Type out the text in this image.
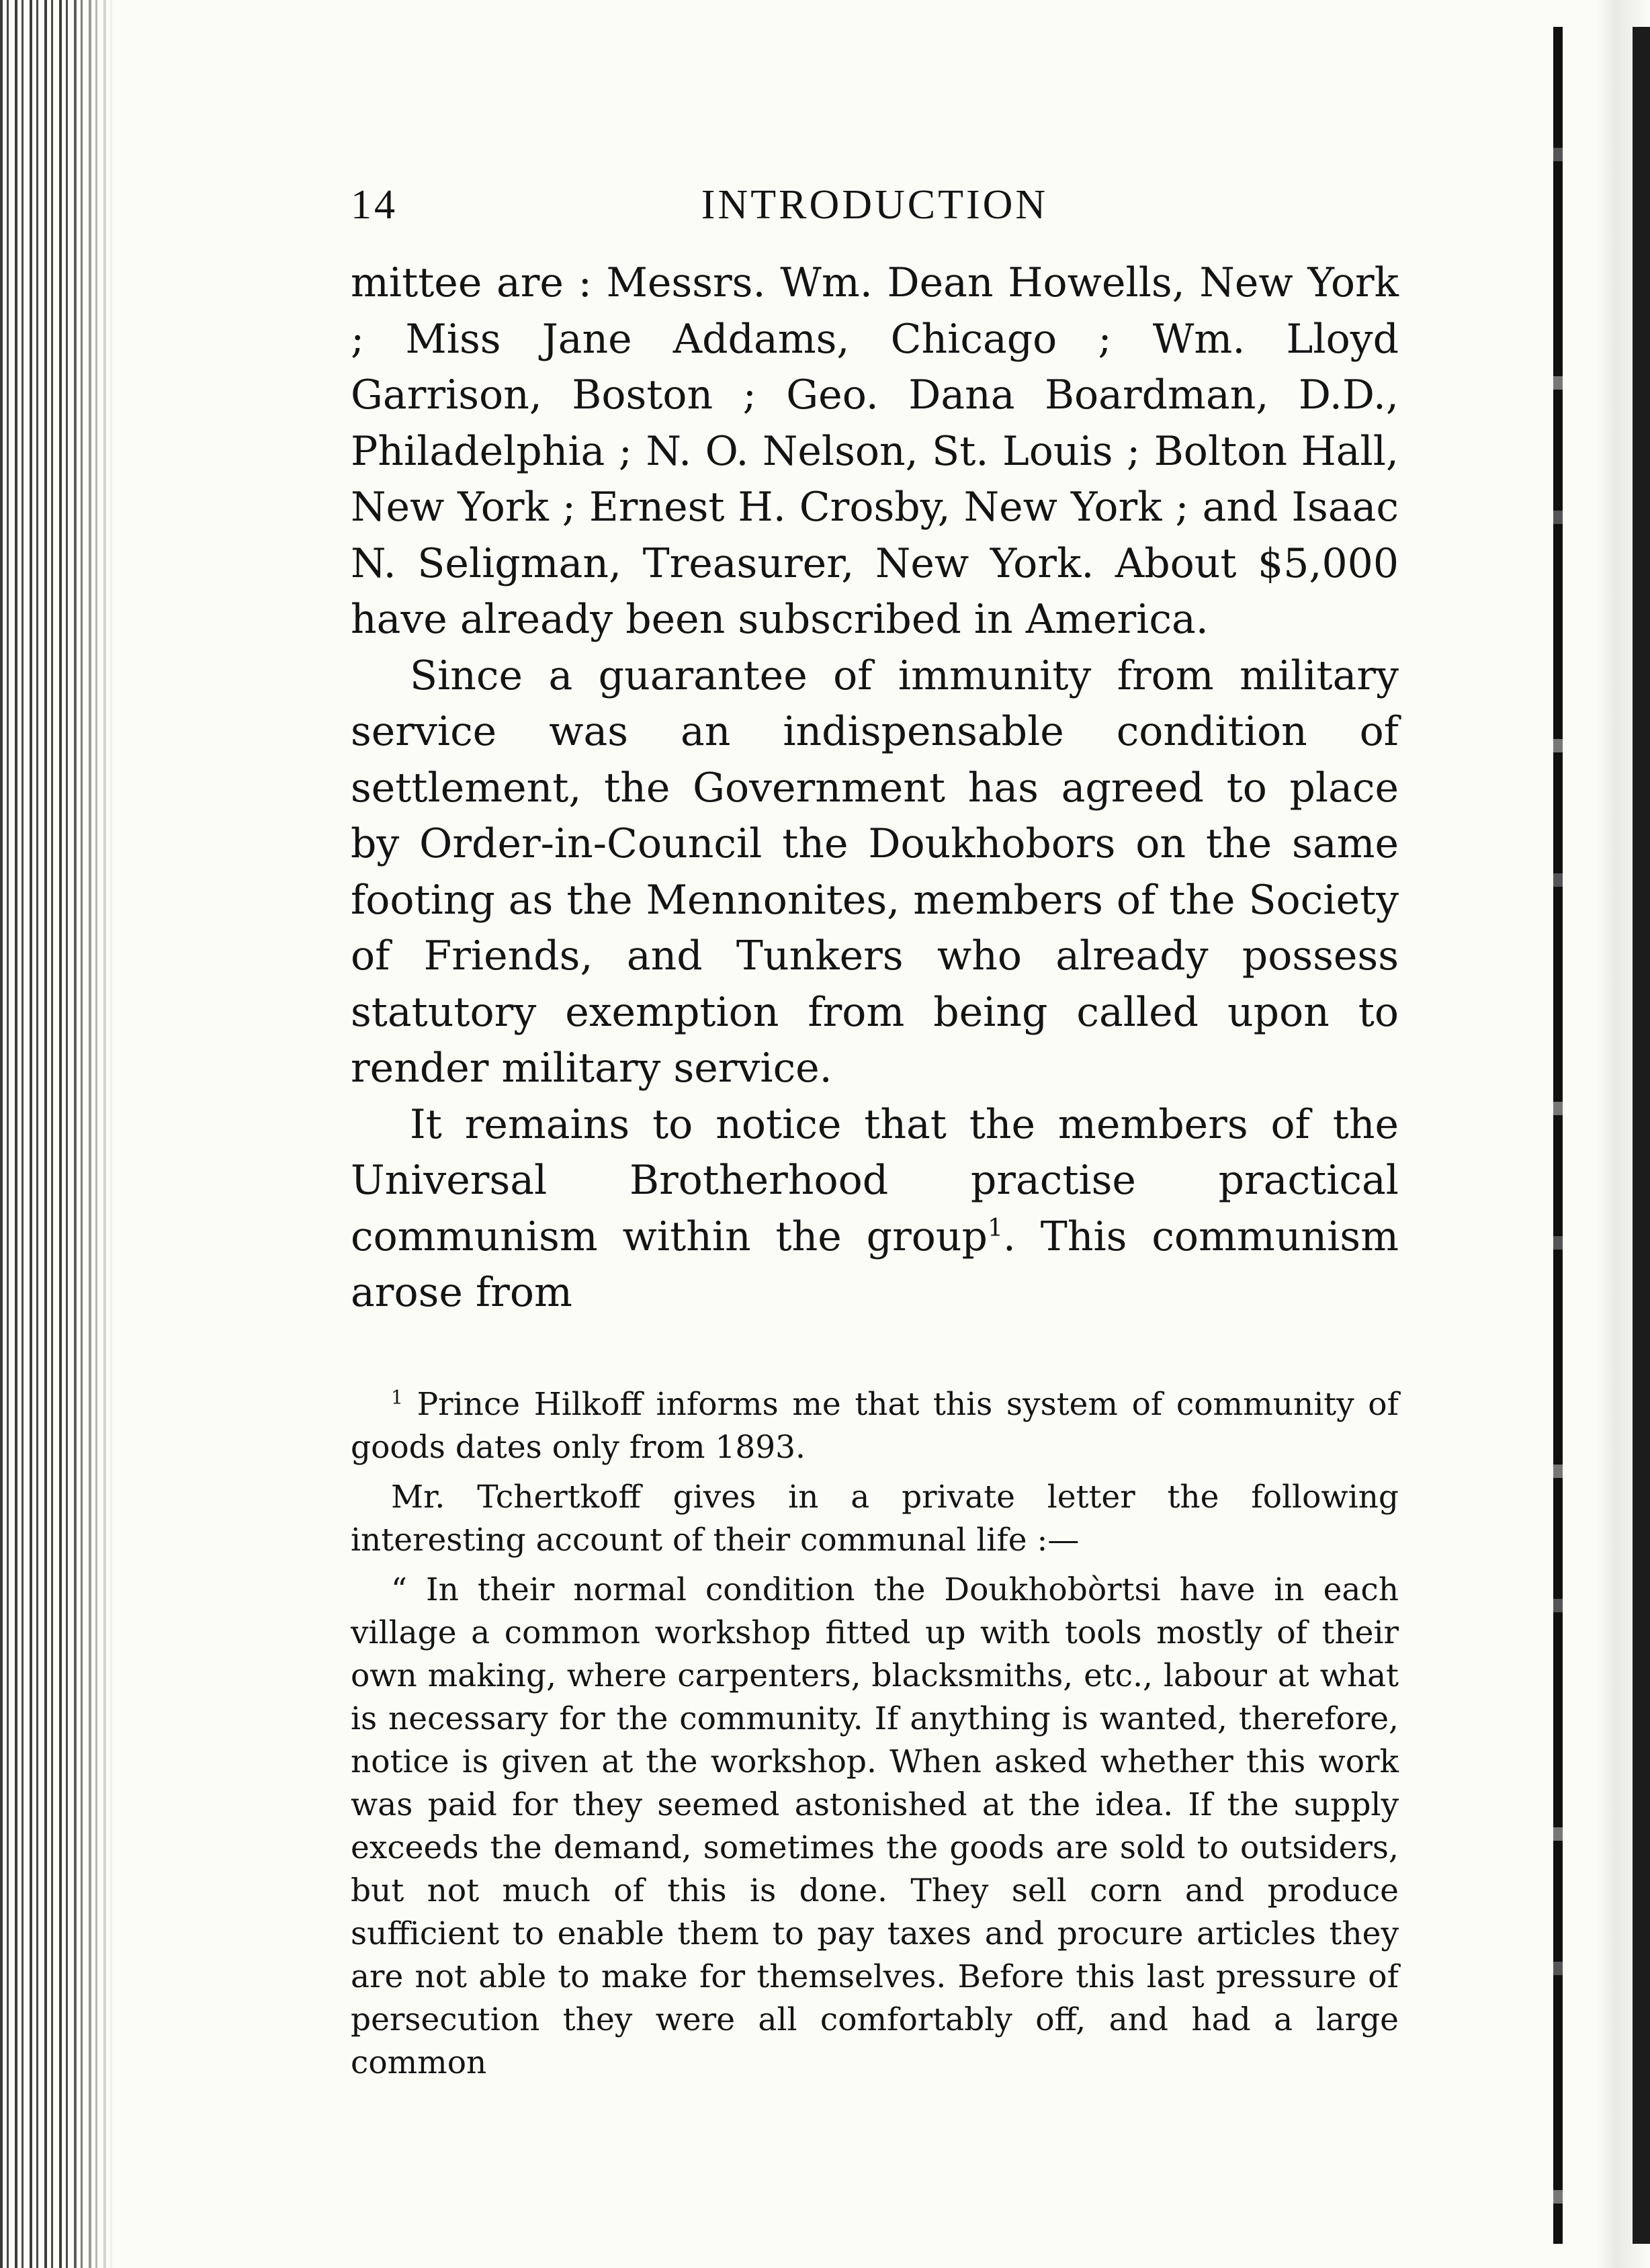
14	INTRODUCTION

mittee are : Messrs. Wm. Dean Howells, New York ; Miss Jane Addams, Chicago ; Wm. Lloyd Garrison, Boston ; Geo. Dana Boardman, D.D., Philadelphia ; N. O. Nelson, St. Louis ; Bolton Hall, New York ; Ernest H. Crosby, New York ; and Isaac N. Seligman, Treasurer, New York. About $5,000 have already been subscribed in America.

Since a guarantee of immunity from military service was an indispensable condition of settlement, the Government has agreed to place by Order-in-Council the Doukhobors on the same footing as the Mennonites, members of the Society of Friends, and Tunkers who already possess statutory exemption from being called upon to render military service.

It remains to notice that the members of the Universal Brotherhood practise practical communism within the group$^1$. This communism arose from

$^1$ Prince Hilkoff informs me that this system of community of goods dates only from 1893.

Mr. Tchertkoff gives in a private letter the following interesting account of their communal life :—

“ In their normal condition the Doukhobòrtsi have in each village a common workshop fitted up with tools mostly of their own making, where carpenters, blacksmiths, etc., labour at what is necessary for the community. If anything is wanted, therefore, notice is given at the workshop. When asked whether this work was paid for they seemed astonished at the idea. If the supply exceeds the demand, sometimes the goods are sold to outsiders, but not much of this is done. They sell corn and produce sufficient to enable them to pay taxes and procure articles they are not able to make for themselves. Before this last pressure of persecution they were all comfortably off, and had a large common
